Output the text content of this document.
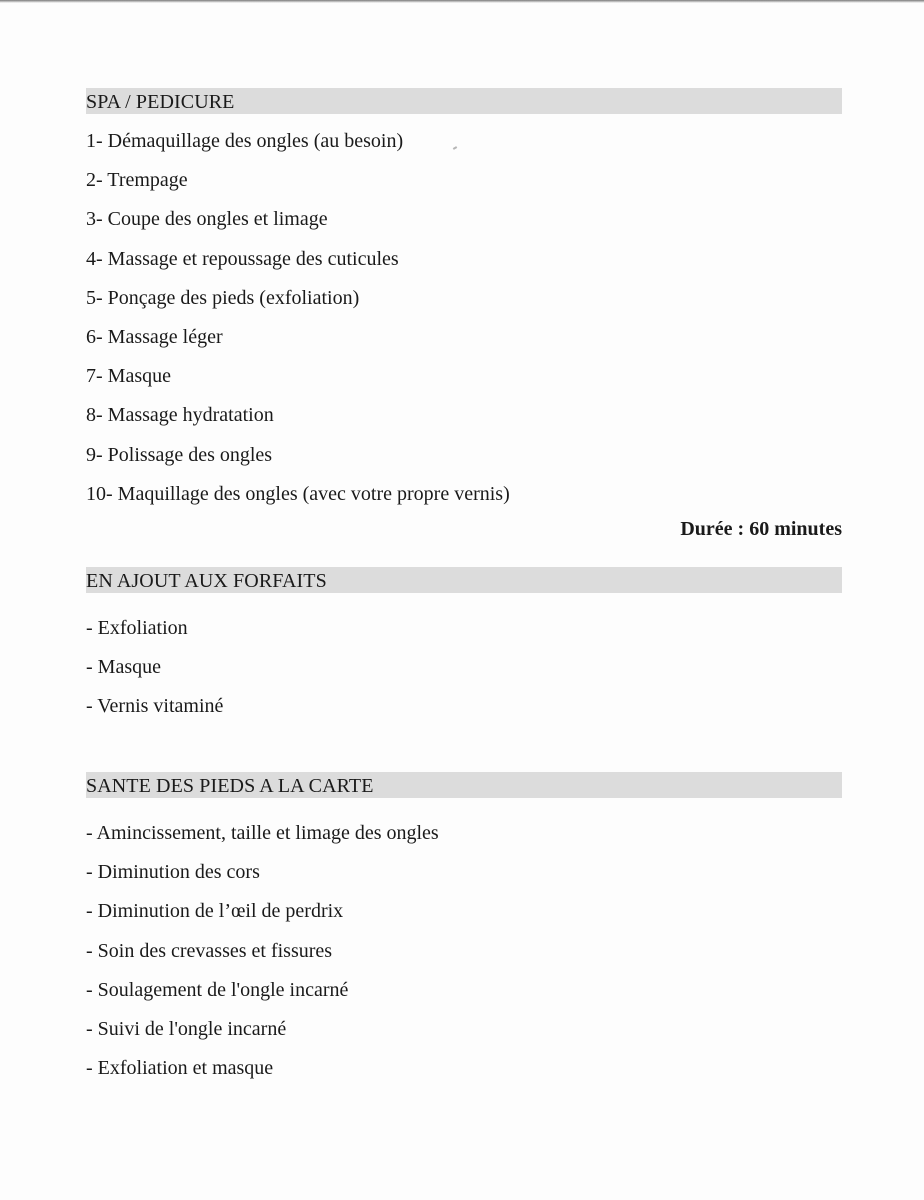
SPA / PEDICURE
1- Démaquillage des ongles (au besoin)
2- Trempage
3- Coupe des ongles et limage
4- Massage et repoussage des cuticules
5- Ponçage des pieds (exfoliation)
6- Massage léger
7- Masque
8- Massage hydratation
9- Polissage des ongles
10- Maquillage des ongles (avec votre propre vernis)
Durée : 60 minutes
EN AJOUT AUX FORFAITS
- Exfoliation
- Masque
- Vernis vitaminé
SANTE DES PIEDS A LA CARTE
- Amincissement, taille et limage des ongles
- Diminution des cors
- Diminution de l’œil de perdrix
- Soin des crevasses et fissures
- Soulagement de l'ongle incarné
- Suivi de l'ongle incarné
- Exfoliation et masque
